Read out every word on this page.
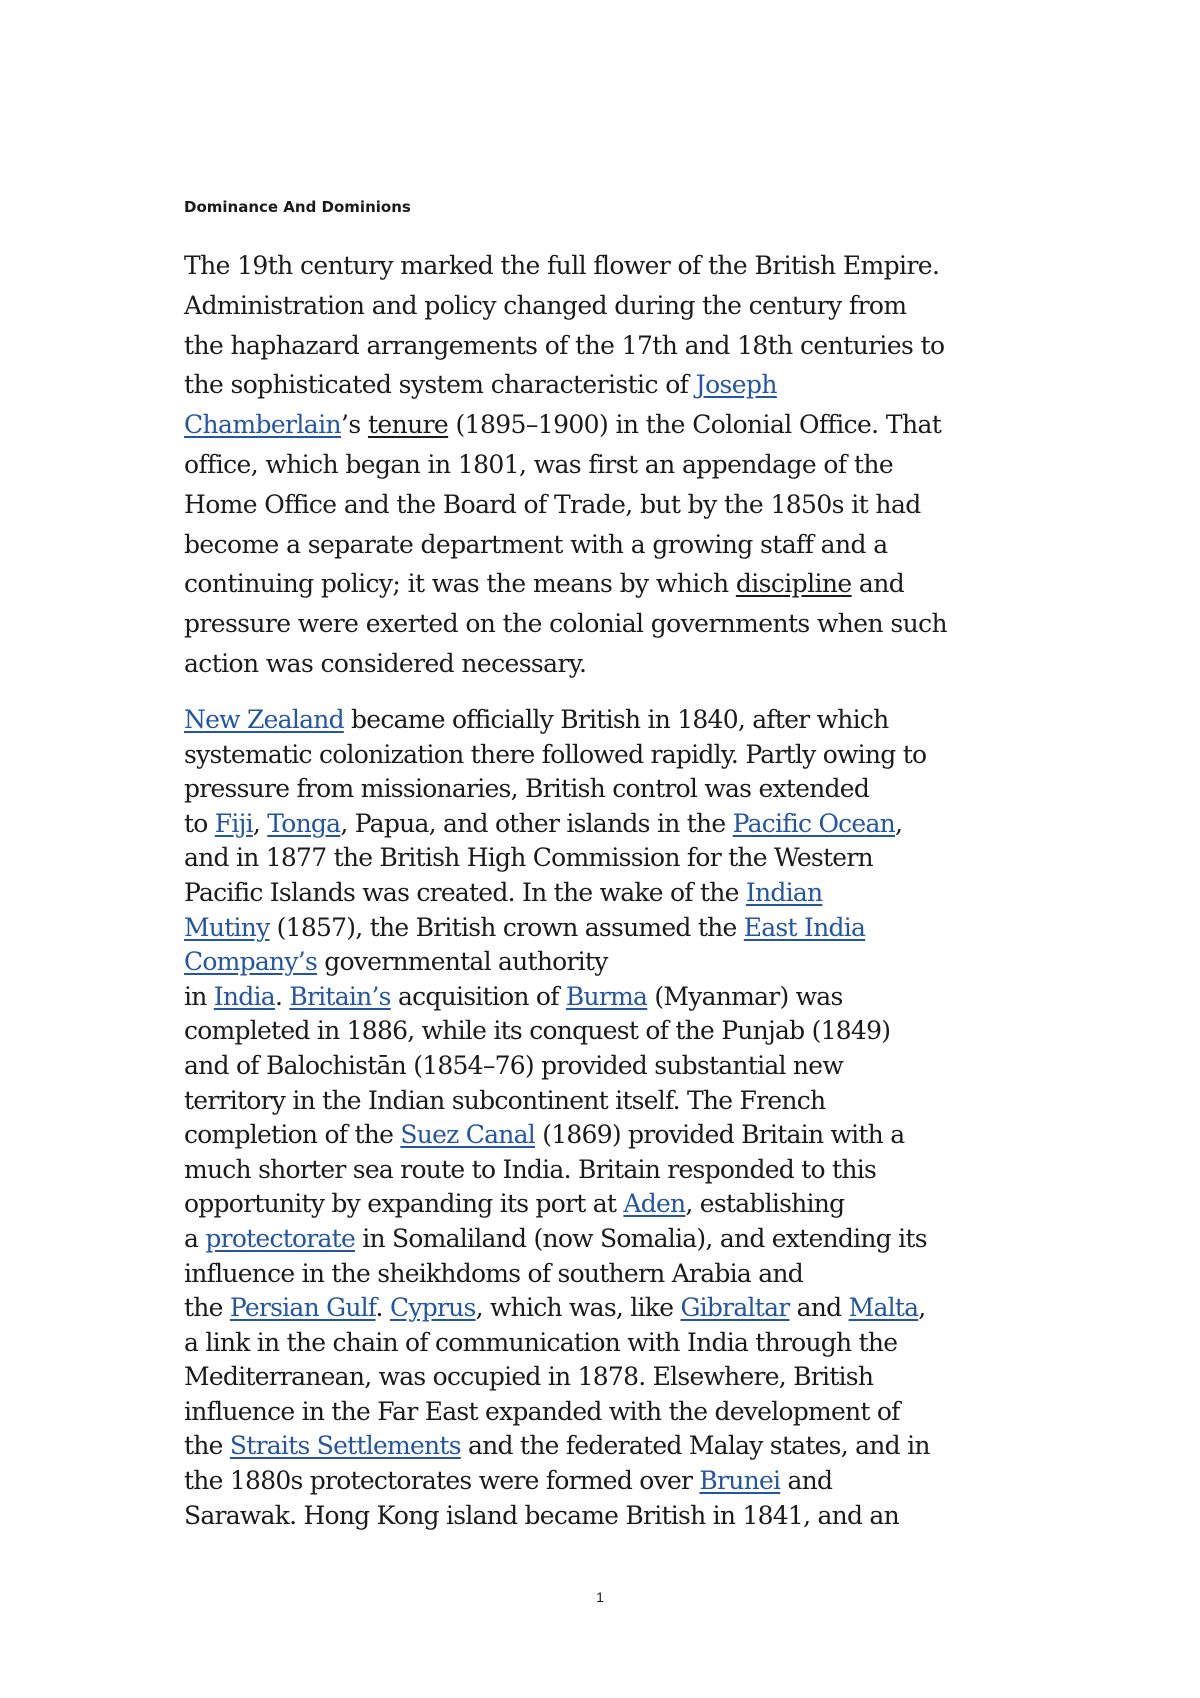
Dominance And Dominions

The 19th century marked the full flower of the British Empire.
Administration and policy changed during the century from
the haphazard arrangements of the 17th and 18th centuries to
the sophisticated system characteristic of Joseph
Chamberlain’s tenure (1895–1900) in the Colonial Office. That
office, which began in 1801, was first an appendage of the
Home Office and the Board of Trade, but by the 1850s it had
become a separate department with a growing staff and a
continuing policy; it was the means by which discipline and
pressure were exerted on the colonial governments when such
action was considered necessary.

New Zealand became officially British in 1840, after which
systematic colonization there followed rapidly. Partly owing to
pressure from missionaries, British control was extended
to Fiji, Tonga, Papua, and other islands in the Pacific Ocean,
and in 1877 the British High Commission for the Western
Pacific Islands was created. In the wake of the Indian
Mutiny (1857), the British crown assumed the East India
Company’s governmental authority
in India. Britain’s acquisition of Burma (Myanmar) was
completed in 1886, while its conquest of the Punjab (1849)
and of Balochistān (1854–76) provided substantial new
territory in the Indian subcontinent itself. The French
completion of the Suez Canal (1869) provided Britain with a
much shorter sea route to India. Britain responded to this
opportunity by expanding its port at Aden, establishing
a protectorate in Somaliland (now Somalia), and extending its
influence in the sheikhdoms of southern Arabia and
the Persian Gulf. Cyprus, which was, like Gibraltar and Malta,
a link in the chain of communication with India through the
Mediterranean, was occupied in 1878. Elsewhere, British
influence in the Far East expanded with the development of
the Straits Settlements and the federated Malay states, and in
the 1880s protectorates were formed over Brunei and
Sarawak. Hong Kong island became British in 1841, and an

1
